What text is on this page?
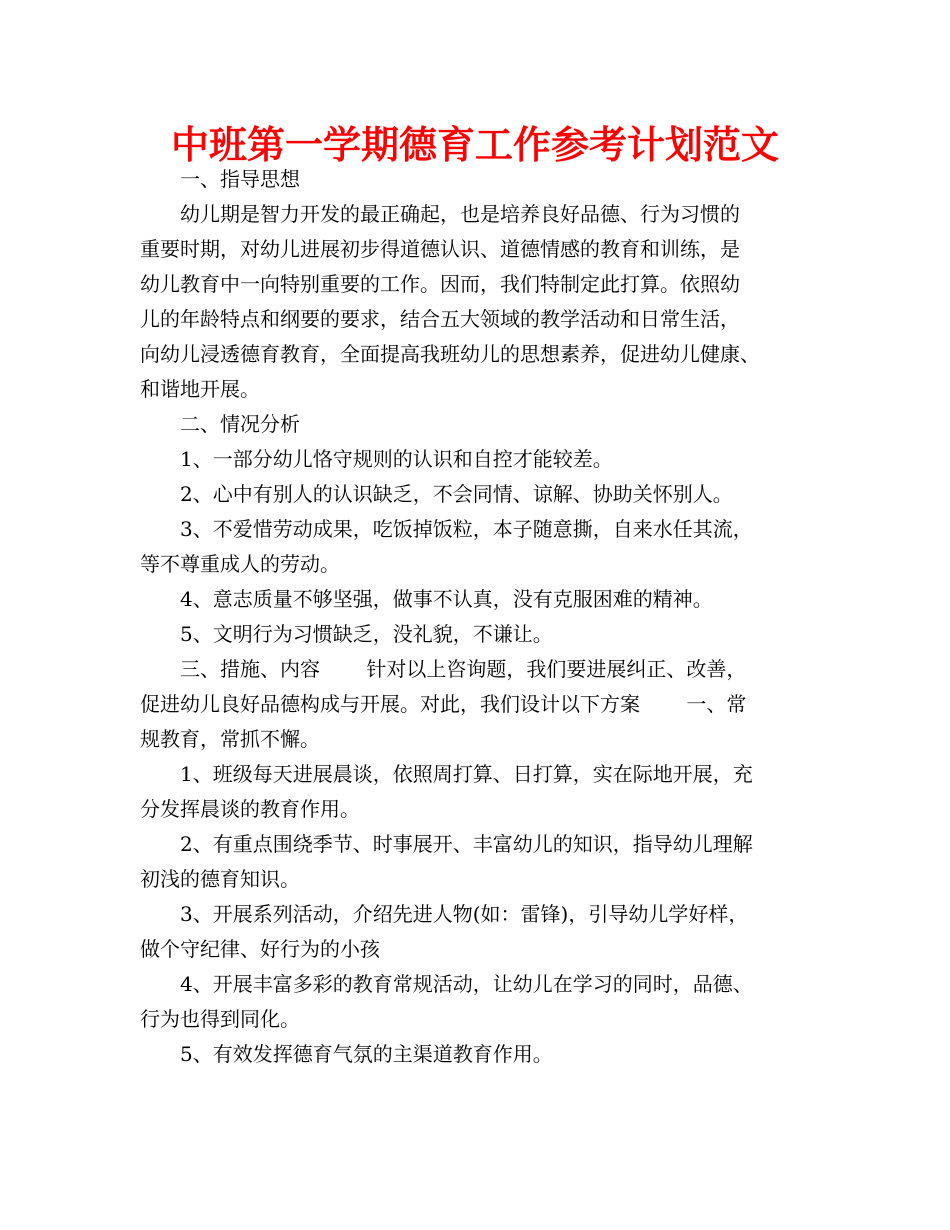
中班第一学期德育工作参考计划范文
　　一、指导思想
　　幼儿期是智力开发的最正确起，也是培养良好品德、行为习惯的
重要时期，对幼儿进展初步得道德认识、道德情感的教育和训练，是
幼儿教育中一向特别重要的工作。因而，我们特制定此打算。依照幼
儿的年龄特点和纲要的要求，结合五大领域的教学活动和日常生活，
向幼儿浸透德育教育，全面提高我班幼儿的思想素养，促进幼儿健康、
和谐地开展。
　　二、情况分析
　　1、一部分幼儿恪守规则的认识和自控才能较差。
　　2、心中有别人的认识缺乏，不会同情、谅解、协助关怀别人。
　　3、不爱惜劳动成果，吃饭掉饭粒，本子随意撕，自来水任其流，
等不尊重成人的劳动。
　　4、意志质量不够坚强，做事不认真，没有克服困难的精神。
　　5、文明行为习惯缺乏，没礼貌，不谦让。
　　三、措施、内容　　 针对以上咨询题，我们要进展纠正、改善，
促进幼儿良好品德构成与开展。对此，我们设计以下方案　　 一、常
规教育，常抓不懈。
　　1、班级每天进展晨谈，依照周打算、日打算，实在际地开展，充
分发挥晨谈的教育作用。
　　2、有重点围绕季节、时事展开、丰富幼儿的知识，指导幼儿理解
初浅的德育知识。
　　3、开展系列活动，介绍先进人物(如：雷锋)，引导幼儿学好样，
做个守纪律、好行为的小孩
　　4、开展丰富多彩的教育常规活动，让幼儿在学习的同时，品德、
行为也得到同化。
　　5、有效发挥德育气氛的主渠道教育作用。
